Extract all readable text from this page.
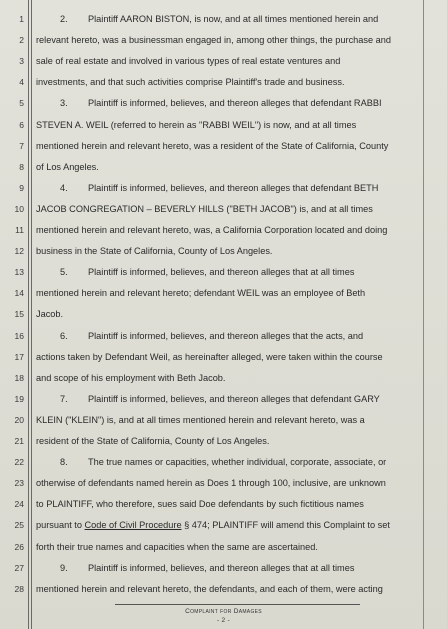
1
2
3
4
5
6
7
8
9
10
11
12
13
14
15
16
17
18
19
20
21
22
23
24
25
26
27
28
2. Plaintiff AARON BISTON, is now, and at all times mentioned herein and
relevant hereto, was a businessman engaged in, among other things, the purchase and
sale of real estate and involved in various types of real estate ventures and
investments, and that such activities comprise Plaintiff's trade and business.
3. Plaintiff is informed, believes, and thereon alleges that defendant RABBI
STEVEN A. WEIL (referred to herein as "RABBI WEIL") is now, and at all times
mentioned herein and relevant hereto, was a resident of the State of California, County
of Los Angeles.
4. Plaintiff is informed, believes, and thereon alleges that defendant BETH
JACOB CONGREGATION – BEVERLY HILLS ("BETH JACOB") is, and at all times
mentioned herein and relevant hereto, was, a California Corporation located and doing
business in the State of California, County of Los Angeles.
5. Plaintiff is informed, believes, and thereon alleges that at all times
mentioned herein and relevant hereto; defendant WEIL was an employee of Beth
Jacob.
6. Plaintiff is informed, believes, and thereon alleges that the acts, and
actions taken by Defendant Weil, as hereinafter alleged, were taken within the course
and scope of his employment with Beth Jacob.
7. Plaintiff is informed, believes, and thereon alleges that defendant GARY
KLEIN ("KLEIN") is, and at all times mentioned herein and relevant hereto, was a
resident of the State of California, County of Los Angeles.
8. The true names or capacities, whether individual, corporate, associate, or
otherwise of defendants named herein as Does 1 through 100, inclusive, are unknown
to PLAINTIFF, who therefore, sues said Doe defendants by such fictitious names
pursuant to Code of Civil Procedure § 474; PLAINTIFF will amend this Complaint to set
forth their true names and capacities when the same are ascertained.
9. Plaintiff is informed, believes, and thereon alleges that at all times
mentioned herein and relevant hereto, the defendants, and each of them, were acting
Complaint for Damages
- 2 -
